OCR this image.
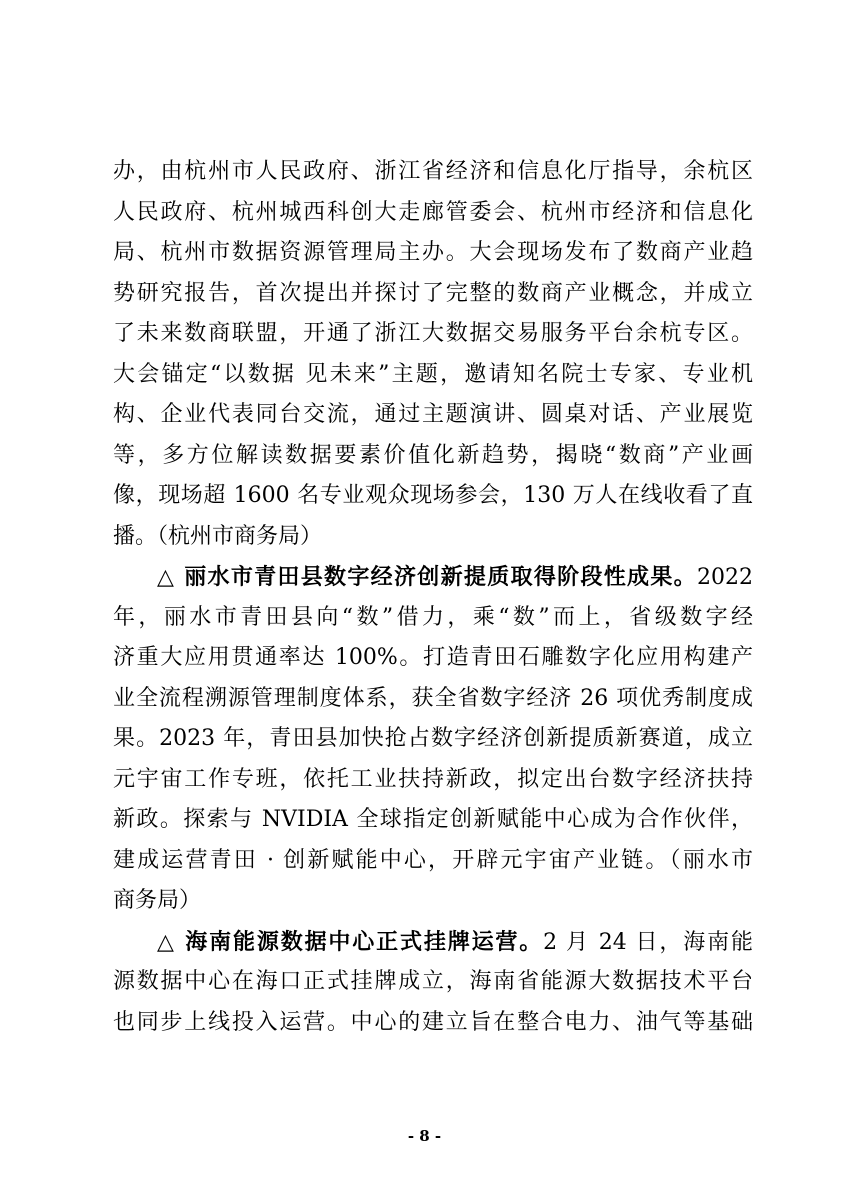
办，由杭州市人民政府、浙江省经济和信息化厅指导，余杭区
人民政府、杭州城西科创大走廊管委会、杭州市经济和信息化
局、杭州市数据资源管理局主办。大会现场发布了数商产业趋
势研究报告，首次提出并探讨了完整的数商产业概念，并成立
了未来数商联盟，开通了浙江大数据交易服务平台余杭专区。
大会锚定“以数据 见未来”主题，邀请知名院士专家、专业机
构、企业代表同台交流，通过主题演讲、圆桌对话、产业展览
等，多方位解读数据要素价值化新趋势，揭晓“数商”产业画
像，现场超 1600 名专业观众现场参会，130 万人在线收看了直
播。（杭州市商务局）
△ 丽水市青田县数字经济创新提质取得阶段性成果。2022
年，丽水市青田县向“数”借力，乘“数”而上，省级数字经
济重大应用贯通率达 100%。打造青田石雕数字化应用构建产
业全流程溯源管理制度体系，获全省数字经济 26 项优秀制度成
果。2023 年，青田县加快抢占数字经济创新提质新赛道，成立
元宇宙工作专班，依托工业扶持新政，拟定出台数字经济扶持
新政。探索与 NVIDIA 全球指定创新赋能中心成为合作伙伴，
建成运营青田 · 创新赋能中心，开辟元宇宙产业链。（丽水市
商务局）
△ 海南能源数据中心正式挂牌运营。2 月 24 日，海南能
源数据中心在海口正式挂牌成立，海南省能源大数据技术平台
也同步上线投入运营。中心的建立旨在整合电力、油气等基础
- 8 -
